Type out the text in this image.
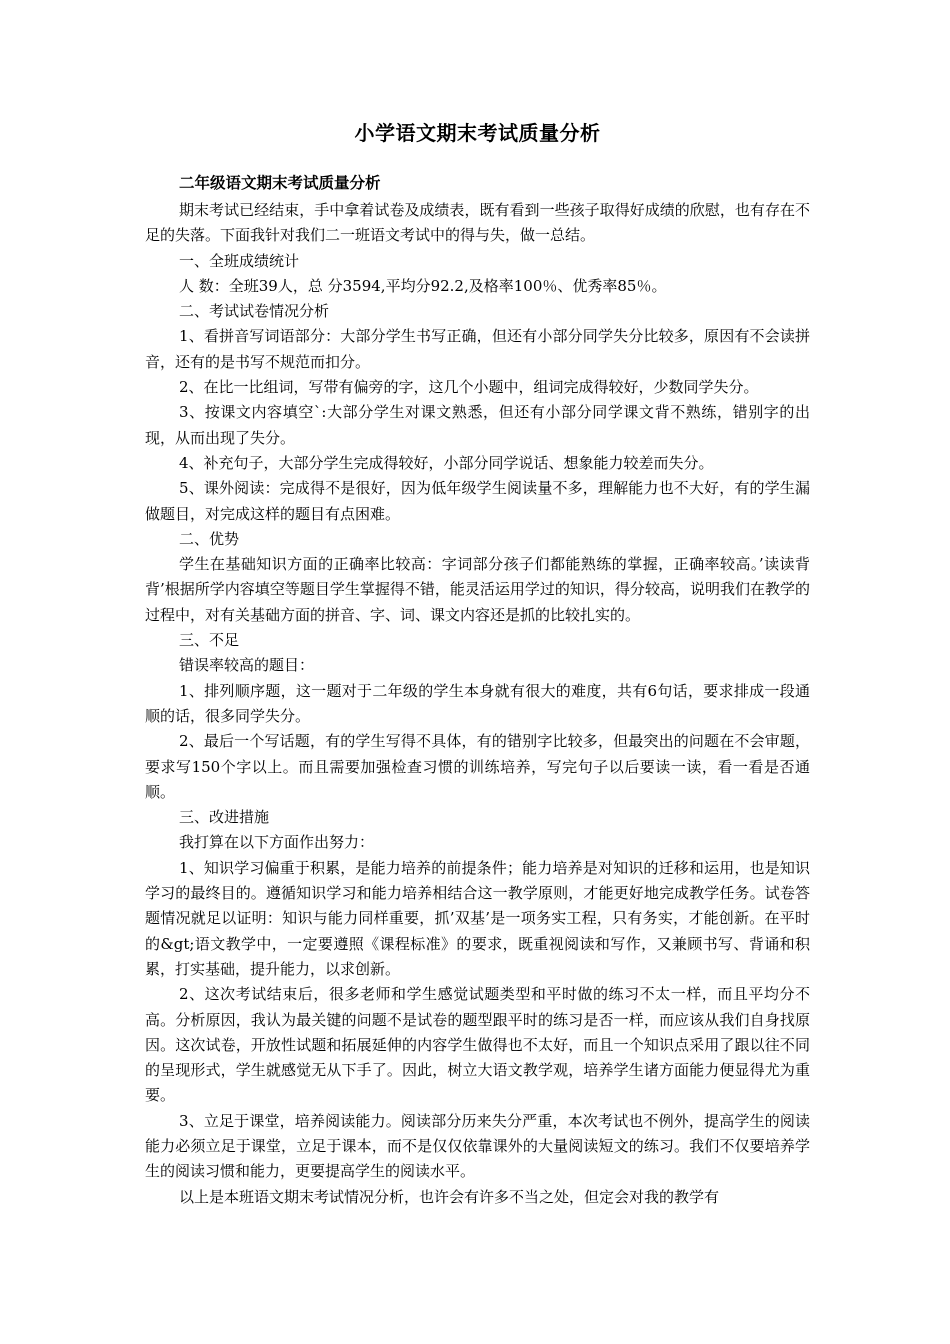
小学语文期末考试质量分析
二年级语文期末考试质量分析

期末考试已经结束，手中拿着试卷及成绩表，既有看到一些孩子取得好成绩的欣慰，也有存在不足的失落。下面我针对我们二一班语文考试中的得与失，做一总结。

一、全班成绩统计

人 数：全班39人，总 分3594,平均分92.2,及格率100％、优秀率85％。

二、考试试卷情况分析

1、看拼音写词语部分：大部分学生书写正确，但还有小部分同学失分比较多，原因有不会读拼音，还有的是书写不规范而扣分。

2、在比一比组词，写带有偏旁的字，这几个小题中，组词完成得较好，少数同学失分。

3、按课文内容填空`:大部分学生对课文熟悉，但还有小部分同学课文背不熟练，错别字的出现，从而出现了失分。

4、补充句子，大部分学生完成得较好，小部分同学说话、想象能力较差而失分。

5、课外阅读：完成得不是很好，因为低年级学生阅读量不多，理解能力也不大好，有的学生漏做题目，对完成这样的题目有点困难。

二、优势

学生在基础知识方面的正确率比较高：字词部分孩子们都能熟练的掌握，正确率较高。’读读背背’根据所学内容填空等题目学生掌握得不错，能灵活运用学过的知识，得分较高，说明我们在教学的过程中，对有关基础方面的拼音、字、词、课文内容还是抓的比较扎实的。

三、不足

错误率较高的题目：

1、排列顺序题，这一题对于二年级的学生本身就有很大的难度，共有6句话，要求排成一段通顺的话，很多同学失分。

2、最后一个写话题，有的学生写得不具体，有的错别字比较多，但最突出的问题在不会审题，要求写150个字以上。而且需要加强检查习惯的训练培养，写完句子以后要读一读，看一看是否通顺。

三、改进措施

我打算在以下方面作出努力：

1、知识学习偏重于积累，是能力培养的前提条件；能力培养是对知识的迁移和运用，也是知识学习的最终目的。遵循知识学习和能力培养相结合这一教学原则，才能更好地完成教学任务。试卷答题情况就足以证明：知识与能力同样重要，抓’双基’是一项务实工程，只有务实，才能创新。在平时的&gt;语文教学中，一定要遵照《课程标准》的要求，既重视阅读和写作，又兼顾书写、背诵和积累，打实基础，提升能力，以求创新。

2、这次考试结束后，很多老师和学生感觉试题类型和平时做的练习不太一样，而且平均分不高。分析原因，我认为最关键的问题不是试卷的题型跟平时的练习是否一样，而应该从我们自身找原因。这次试卷，开放性试题和拓展延伸的内容学生做得也不太好，而且一个知识点采用了跟以往不同的呈现形式，学生就感觉无从下手了。因此，树立大语文教学观，培养学生诸方面能力便显得尤为重要。

3、立足于课堂，培养阅读能力。阅读部分历来失分严重，本次考试也不例外，提高学生的阅读能力必须立足于课堂，立足于课本，而不是仅仅依靠课外的大量阅读短文的练习。我们不仅要培养学生的阅读习惯和能力，更要提高学生的阅读水平。

以上是本班语文期末考试情况分析，也许会有许多不当之处，但定会对我的教学有
